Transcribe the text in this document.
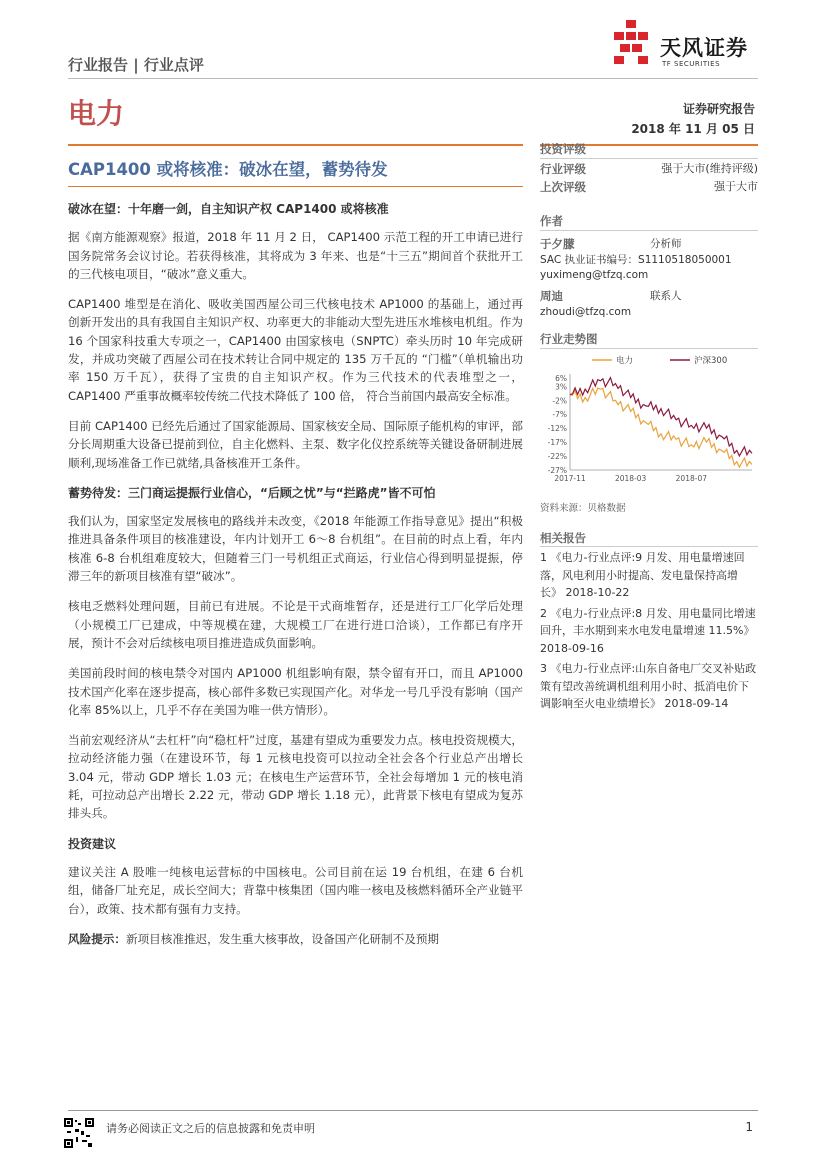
行业报告 | 行业点评
天风证券
TF SECURITIES
电力	证券研究报告
2018 年 11 月 05 日
CAP1400 或将核准：破冰在望，蓄势待发
破冰在望：十年磨一剑，自主知识产权 CAP1400 或将核准

据《南方能源观察》报道，2018 年 11 月 2 日， CAP1400 示范工程的开工申请已进行国务院常务会议讨论。若获得核准，其将成为 3 年来、也是“十三五”期间首个获批开工的三代核电项目，“破冰”意义重大。

CAP1400 堆型是在消化、吸收美国西屋公司三代核电技术 AP1000 的基础上，通过再创新开发出的具有我国自主知识产权、功率更大的非能动大型先进压水堆核电机组。作为 16 个国家科技重大专项之一，CAP1400 由国家核电（SNPTC）牵头历时 10 年完成研发，并成功突破了西屋公司在技术转让合同中规定的 135 万千瓦的 “门槛”（单机输出功率 150 万千瓦），获得了宝贵的自主知识产权。作为三代技术的代表堆型之一，CAP1400 严重事故概率较传统二代技术降低了 100 倍， 符合当前国内最高安全标准。

目前 CAP1400 已经先后通过了国家能源局、国家核安全局、国际原子能机构的审评，部分长周期重大设备已提前到位，自主化燃料、主泵、数字化仪控系统等关键设备研制进展顺利,现场准备工作已就绪,具备核准开工条件。

蓄势待发：三门商运提振行业信心，“后顾之忧”与“拦路虎”皆不可怕

我们认为，国家坚定发展核电的路线并未改变，《2018 年能源工作指导意见》提出“积极推进具备条件项目的核准建设，年内计划开工 6～8 台机组”。在目前的时点上看，年内核准 6-8 台机组难度较大，但随着三门一号机组正式商运，行业信心得到明显提振，停滞三年的新项目核准有望“破冰”。

核电乏燃料处理问题，目前已有进展。不论是干式商堆暂存，还是进行工厂化学后处理（小规模工厂已建成，中等规模在建，大规模工厂在进行进口洽谈），工作都已有序开展，预计不会对后续核电项目推进造成负面影响。

美国前段时间的核电禁令对国内 AP1000 机组影响有限，禁令留有开口，而且 AP1000 技术国产化率在逐步提高，核心部件多数已实现国产化。对华龙一号几乎没有影响（国产化率 85%以上，几乎不存在美国为唯一供方情形）。

当前宏观经济从“去杠杆”向“稳杠杆”过度，基建有望成为重要发力点。核电投资规模大，拉动经济能力强（在建设环节，每 1 元核电投资可以拉动全社会各个行业总产出增长 3.04 元，带动 GDP 增长 1.03 元；在核电生产运营环节，全社会每增加 1 元的核电消耗，可拉动总产出增长 2.22 元，带动 GDP 增长 1.18 元），此背景下核电有望成为复苏排头兵。

投资建议

建议关注 A 股唯一纯核电运营标的中国核电。公司目前在运 19 台机组，在建 6 台机组，储备厂址充足，成长空间大；背靠中核集团（国内唯一核电及核燃料循环全产业链平台），政策、技术都有强有力支持。

风险提示：新项目核准推迟，发生重大核事故，设备国产化研制不及预期

投资评级
行业评级	强于大市(维持评级)
上次评级	强于大市
作者
于夕朦	分析师
SAC 执业证书编号：S1110518050001
yuximeng@tfzq.com
周迪	联系人
zhoudi@tfzq.com
行业走势图
6%
3%
-2%
-7%
-12%
-17%
-22%
-27%
2017-11	2018-03	2018-07
电力	沪深300
资料来源：贝格数据
相关报告

1 《电力-行业点评:9 月发、用电量增速回落，风电利用小时提高、发电量保持高增长》 2018-10-22

2 《电力-行业点评:8 月发、用电量同比增速回升，丰水期到来水电发电量增速 11.5%》 2018-09-16

3 《电力-行业点评:山东自备电厂交叉补贴政策有望改善统调机组利用小时、抵消电价下调影响至火电业绩增长》 2018-09-14

请务必阅读正文之后的信息披露和免责申明	1
